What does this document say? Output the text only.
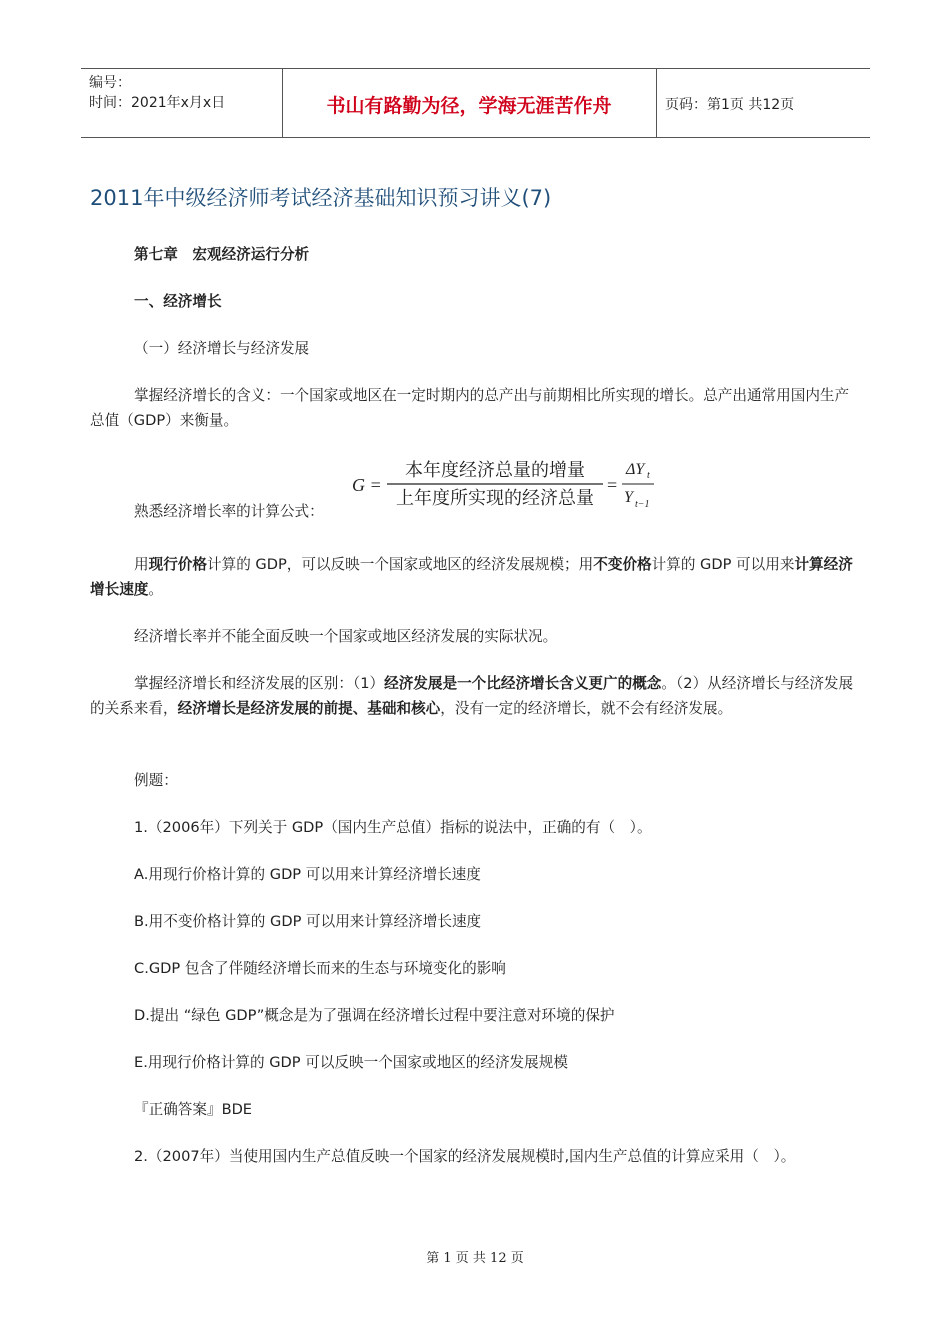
编号：
时间：2021年x月x日	书山有路勤为径，学海无涯苦作舟	页码：第1页 共12页
2011年中级经济师考试经济基础知识预习讲义(7)

第七章　宏观经济运行分析

一、经济增长

（一）经济增长与经济发展

掌握经济增长的含义：一个国家或地区在一定时期内的总产出与前期相比所实现的增长。总产出通常用国内生产总值（GDP）来衡量。

熟悉经济增长率的计算公式：
G =
本年度经济总量的增量
上年度所实现的经济总量
=
ΔY t
Y t−1

用现行价格计算的 GDP，可以反映一个国家或地区的经济发展规模；用不变价格计算的 GDP 可以用来计算经济增长速度。

经济增长率并不能全面反映一个国家或地区经济发展的实际状况。

掌握经济增长和经济发展的区别：（1）经济发展是一个比经济增长含义更广的概念。（2）从经济增长与经济发展的关系来看，经济增长是经济发展的前提、基础和核心，没有一定的经济增长，就不会有经济发展。

例题：

1.（2006年）下列关于 GDP（国内生产总值）指标的说法中，正确的有（　）。

A.用现行价格计算的 GDP 可以用来计算经济增长速度

B.用不变价格计算的 GDP 可以用来计算经济增长速度

C.GDP 包含了伴随经济增长而来的生态与环境变化的影响

D.提出 “绿色 GDP”概念是为了强调在经济增长过程中要注意对环境的保护

E.用现行价格计算的 GDP 可以反映一个国家或地区的经济发展规模

『正确答案』BDE

2.（2007年）当使用国内生产总值反映一个国家的经济发展规模时,国内生产总值的计算应采用（　）。

第 1 页 共 12 页
